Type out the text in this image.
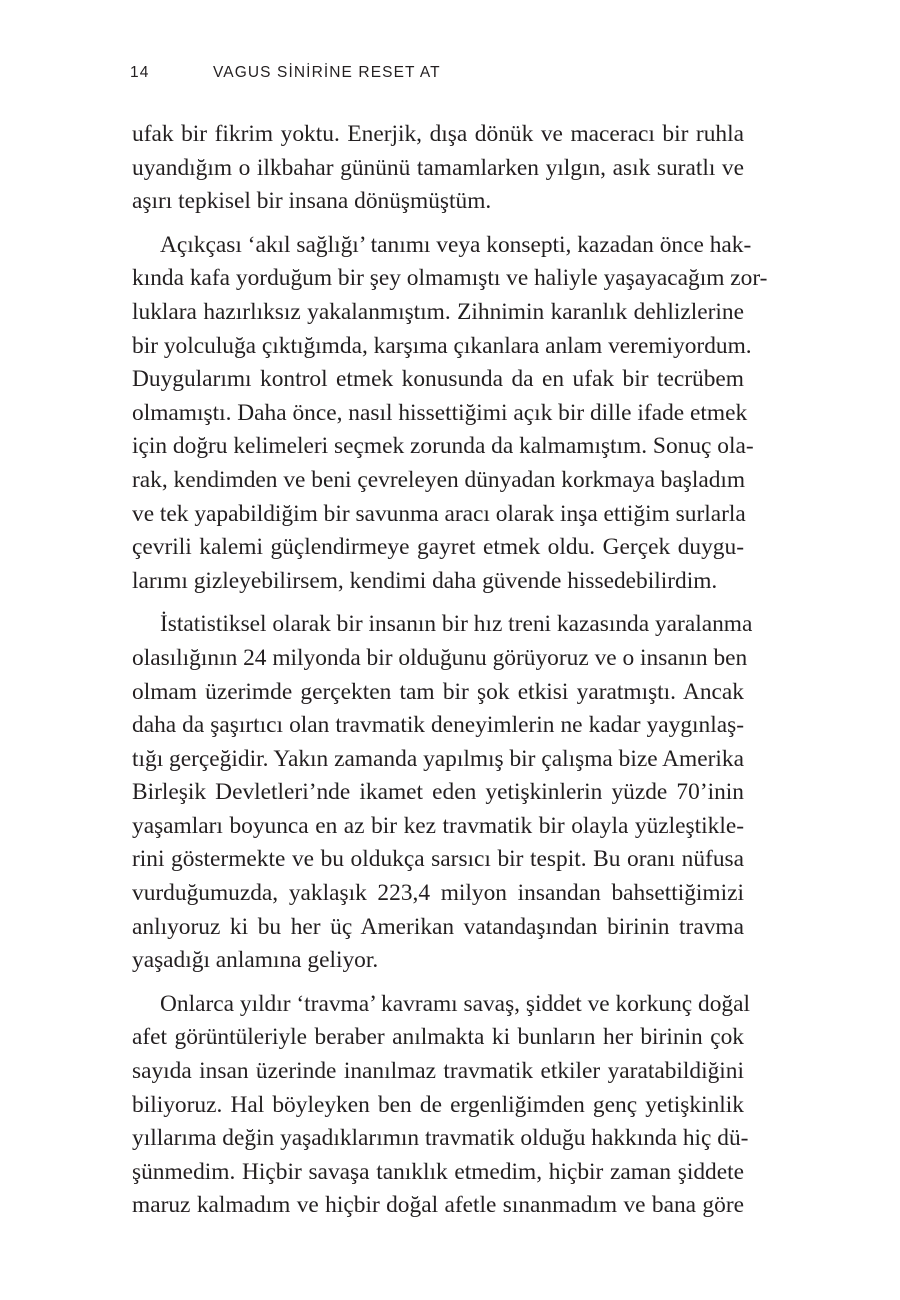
14	VAGUS SİNİRİNE RESET AT
ufak bir fikrim yoktu. Enerjik, dışa dönük ve maceracı bir ruhla
uyandığım o ilkbahar gününü tamamlarken yılgın, asık suratlı ve
aşırı tepkisel bir insana dönüşmüştüm.
Açıkçası ‘akıl sağlığı’ tanımı veya konsepti, kazadan önce hak-
kında kafa yorduğum bir şey olmamıştı ve haliyle yaşayacağım zor-
luklara hazırlıksız yakalanmıştım. Zihnimin karanlık dehlizlerine
bir yolculuğa çıktığımda, karşıma çıkanlara anlam veremiyordum.
Duygularımı kontrol etmek konusunda da en ufak bir tecrübem
olmamıştı. Daha önce, nasıl hissettiğimi açık bir dille ifade etmek
için doğru kelimeleri seçmek zorunda da kalmamıştım. Sonuç ola-
rak, kendimden ve beni çevreleyen dünyadan korkmaya başladım
ve tek yapabildiğim bir savunma aracı olarak inşa ettiğim surlarla
çevrili kalemi güçlendirmeye gayret etmek oldu. Gerçek duygu-
larımı gizleyebilirsem, kendimi daha güvende hissedebilirdim.
İstatistiksel olarak bir insanın bir hız treni kazasında yaralanma
olasılığının 24 milyonda bir olduğunu görüyoruz ve o insanın ben
olmam üzerimde gerçekten tam bir şok etkisi yaratmıştı. Ancak
daha da şaşırtıcı olan travmatik deneyimlerin ne kadar yaygınlaş-
tığı gerçeğidir. Yakın zamanda yapılmış bir çalışma bize Amerika
Birleşik Devletleri’nde ikamet eden yetişkinlerin yüzde 70’inin
yaşamları boyunca en az bir kez travmatik bir olayla yüzleştikle-
rini göstermekte ve bu oldukça sarsıcı bir tespit. Bu oranı nüfusa
vurduğumuzda, yaklaşık 223,4 milyon insandan bahsettiğimizi
anlıyoruz ki bu her üç Amerikan vatandaşından birinin travma
yaşadığı anlamına geliyor.
Onlarca yıldır ‘travma’ kavramı savaş, şiddet ve korkunç doğal
afet görüntüleriyle beraber anılmakta ki bunların her birinin çok
sayıda insan üzerinde inanılmaz travmatik etkiler yaratabildiğini
biliyoruz. Hal böyleyken ben de ergenliğimden genç yetişkinlik
yıllarıma değin yaşadıklarımın travmatik olduğu hakkında hiç dü-
şünmedim. Hiçbir savaşa tanıklık etmedim, hiçbir zaman şiddete
maruz kalmadım ve hiçbir doğal afetle sınanmadım ve bana göre
